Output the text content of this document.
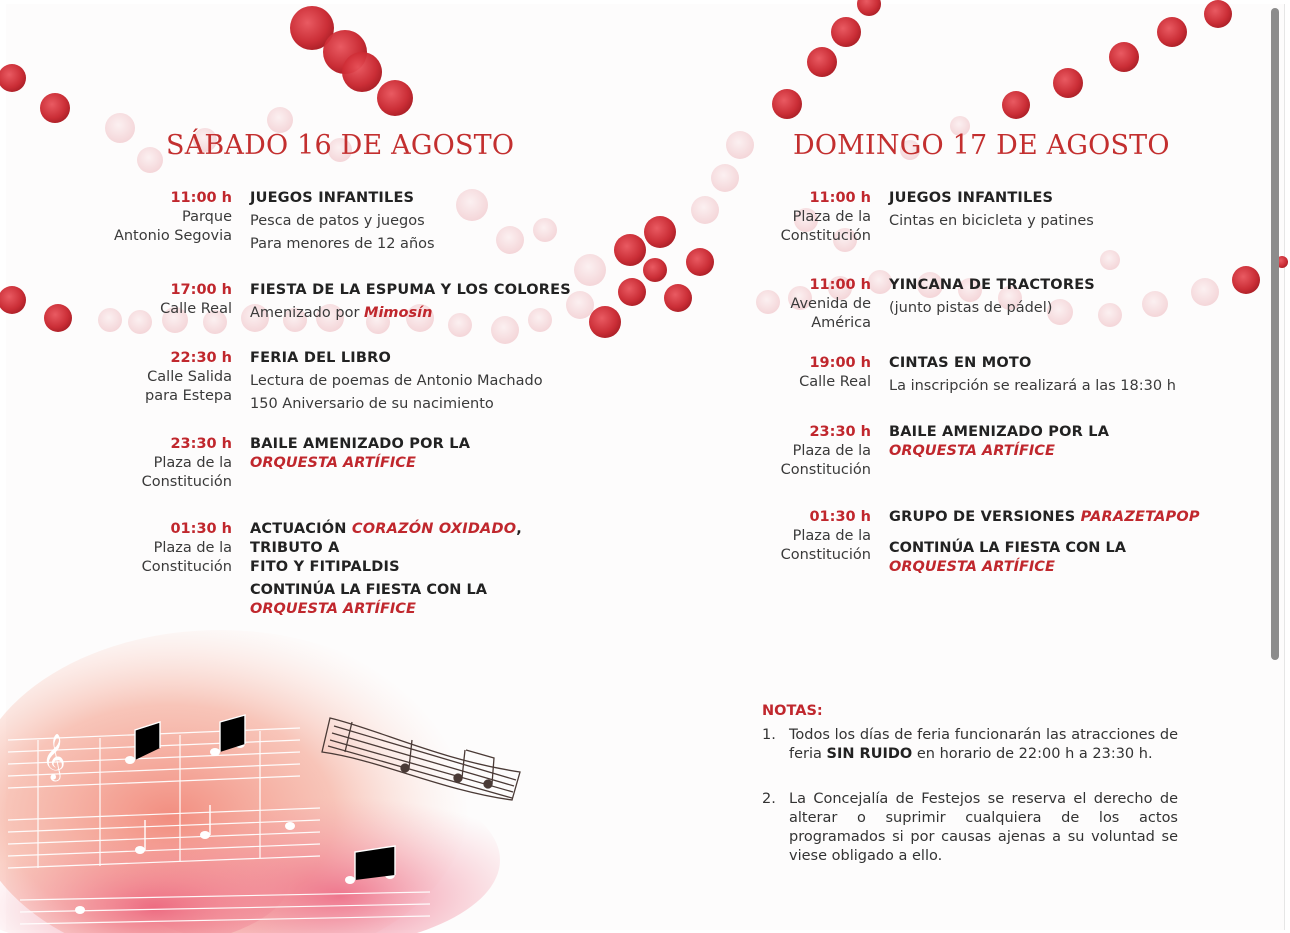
𝄞
SÁBADO 16 DE AGOSTO
11:00 h
Parque
Antonio Segovia
JUEGOS INFANTILES
Pesca de patos y juegos
Para menores de 12 años
17:00 h
Calle Real
FIESTA DE LA ESPUMA Y LOS COLORES
Amenizado por Mimosín
22:30 h
Calle Salida
para Estepa
FERIA DEL LIBRO
Lectura de poemas de Antonio Machado
150 Aniversario de su nacimiento
23:30 h
Plaza de la
Constitución
BAILE AMENIZADO POR LA
ORQUESTA ARTÍFICE
01:30 h
Plaza de la
Constitución
ACTUACIÓN CORAZÓN OXIDADO, TRIBUTO A
FITO Y FITIPALDIS
CONTINÚA LA FIESTA CON LA
ORQUESTA ARTÍFICE
DOMINGO 17 DE AGOSTO
11:00 h
Plaza de la
Constitución
JUEGOS INFANTILES
Cintas en bicicleta y patines
11:00 h
Avenida de
América
YINCANA DE TRACTORES
(junto pistas de pádel)
19:00 h
Calle Real
CINTAS EN MOTO
La inscripción se realizará a las 18:30 h
23:30 h
Plaza de la
Constitución
BAILE AMENIZADO POR LA
ORQUESTA ARTÍFICE
01:30 h
Plaza de la
Constitución
GRUPO DE VERSIONES PARAZETAPOP
CONTINÚA LA FIESTA CON LA
ORQUESTA ARTÍFICE
NOTAS:
1. Todos los días de feria funcionarán las atracciones de feria SIN RUIDO en horario de 22:00 h a 23:30 h.
2. La Concejalía de Festejos se reserva el derecho de alterar o suprimir cualquiera de los actos programados si por causas ajenas a su voluntad se viese obligado a ello.
